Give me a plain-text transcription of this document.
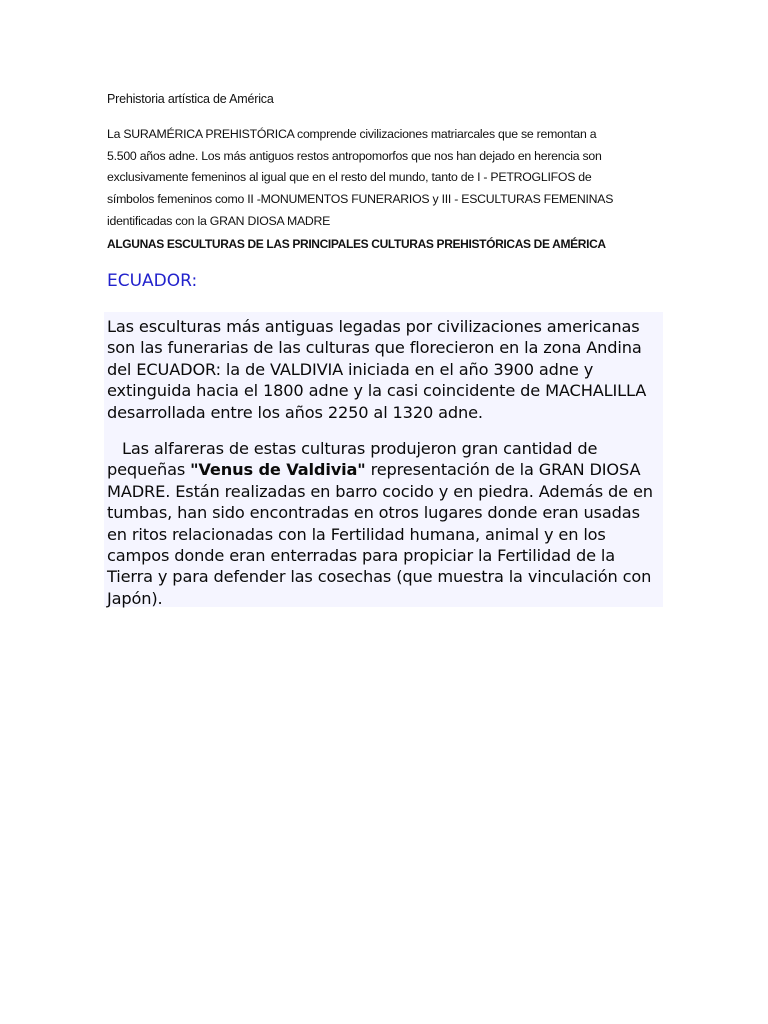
Prehistoria artística de América

La SURAMÉRICA PREHISTÓRICA comprende civilizaciones matriarcales que se remontan a 5.500 años adne. Los más antiguos restos antropomorfos que nos han dejado en herencia son exclusivamente femeninos al igual que en el resto del mundo, tanto de I - PETROGLIFOS de símbolos femeninos como II -MONUMENTOS FUNERARIOS y III - ESCULTURAS FEMENINAS identificadas con la GRAN DIOSA MADRE

ALGUNAS ESCULTURAS DE LAS PRINCIPALES CULTURAS PREHISTÓRICAS DE AMÉRICA
ECUADOR:

Las esculturas más antiguas legadas por civilizaciones americanas son las funerarias de las culturas que florecieron en la zona Andina del ECUADOR: la de VALDIVIA iniciada en el año 3900 adne y extinguida hacia el 1800 adne y la casi coincidente de MACHALILLA desarrollada entre los años 2250 al 1320 adne.

Las alfareras de estas culturas produjeron gran cantidad de pequeñas "Venus de Valdivia" representación de la GRAN DIOSA MADRE. Están realizadas en barro cocido y en piedra. Además de en tumbas, han sido encontradas en otros lugares donde eran usadas en ritos relacionadas con la Fertilidad humana, animal y en los campos donde eran enterradas para propiciar la Fertilidad de la Tierra y para defender las cosechas (que muestra la vinculación con Japón).
